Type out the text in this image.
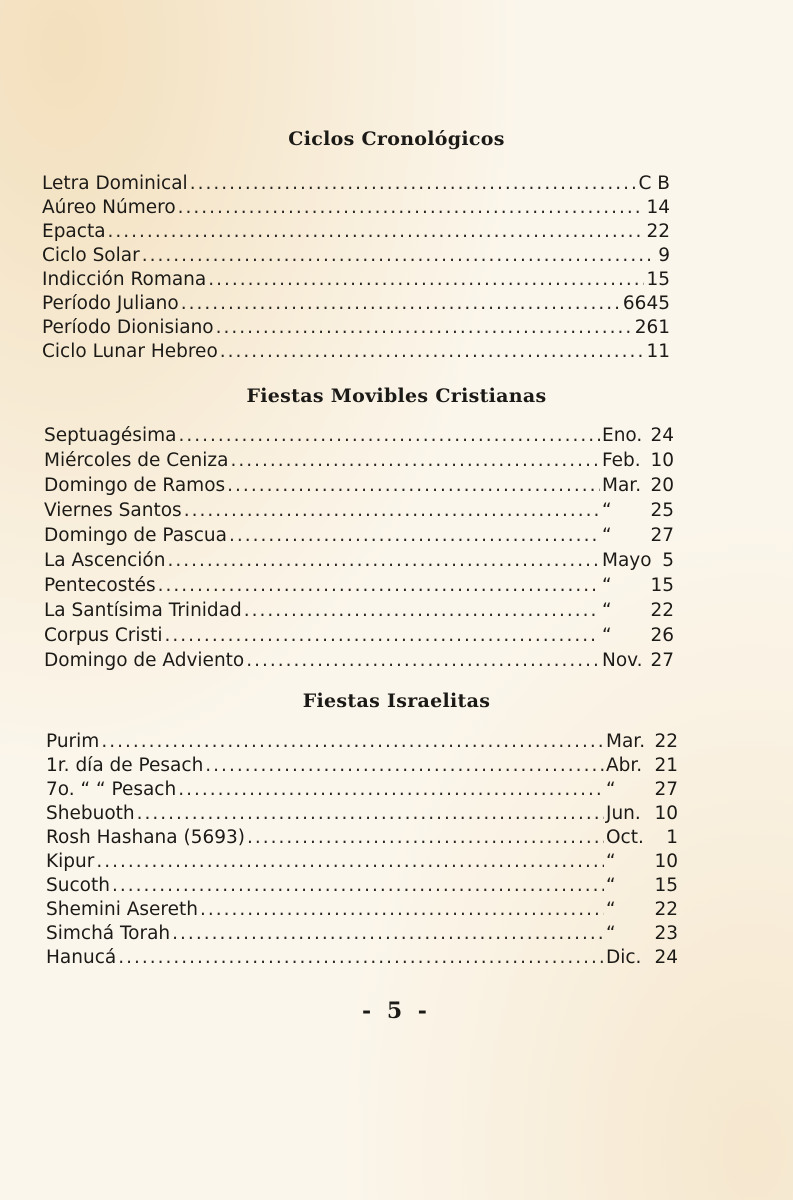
Ciclos Cronológicos
Letra Dominical .....	C B
Aúreo Número .....	14
Epacta .....	22
Ciclo Solar .....	9
Indicción Romana .....	15
Período Juliano .....	6645
Período Dionisiano .....	261
Ciclo Lunar Hebreo .....	11
Fiestas Movibles Cristianas
Septuagésima .....	Eno. 24
Miércoles de Ceniza .....	Feb. 10
Domingo de Ramos .....	Mar. 20
Viernes Santos .....	“ 25
Domingo de Pascua .....	“ 27
La Ascención .....	Mayo 5
Pentecostés .....	“ 15
La Santísima Trinidad .....	“ 22
Corpus Cristi .....	“ 26
Domingo de Adviento .....	Nov. 27
Fiestas Israelitas
Purim .....	Mar. 22
1r. día de Pesach .....	Abr. 21
7o. “ “ Pesach .....	“ 27
Shebuoth .....	Jun. 10
Rosh Hashana (5693) .....	Oct. 1
Kipur .....	“ 10
Sucoth .....	“ 15
Shemini Asereth .....	“ 22
Simchá Torah .....	“ 23
Hanucá .....	Dic. 24
- 5 -
